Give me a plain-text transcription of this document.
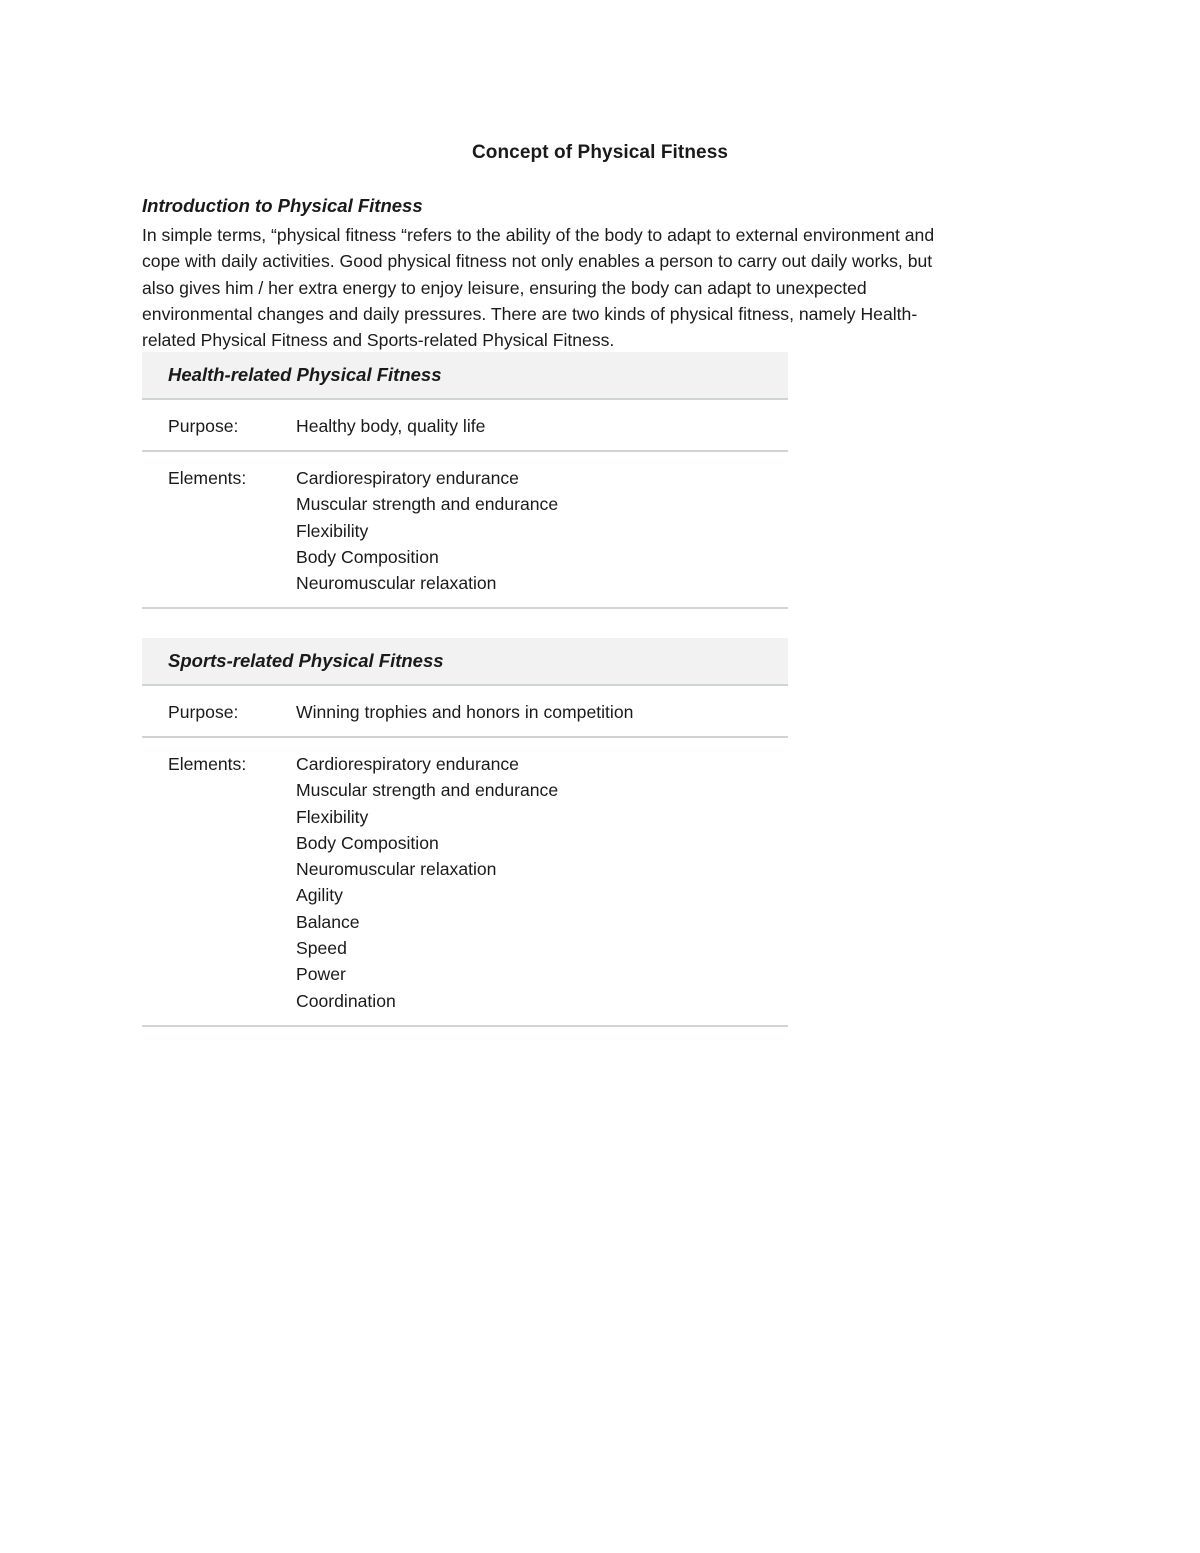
Concept of Physical Fitness
Introduction to Physical Fitness
In simple terms, “physical fitness “refers to the ability of the body to adapt to external environment and
cope with daily activities. Good physical fitness not only enables a person to carry out daily works, but
also gives him / her extra energy to enjoy leisure, ensuring the body can adapt to unexpected
environmental changes and daily pressures. There are two kinds of physical fitness, namely Health-
related Physical Fitness and Sports-related Physical Fitness.
Health-related Physical Fitness
Purpose:	Healthy body, quality life
Elements:	Cardiorespiratory endurance
Muscular strength and endurance
Flexibility
Body Composition
Neuromuscular relaxation
Sports-related Physical Fitness
Purpose:	Winning trophies and honors in competition
Elements:	Cardiorespiratory endurance
Muscular strength and endurance
Flexibility
Body Composition
Neuromuscular relaxation
Agility
Balance
Speed
Power
Coordination
